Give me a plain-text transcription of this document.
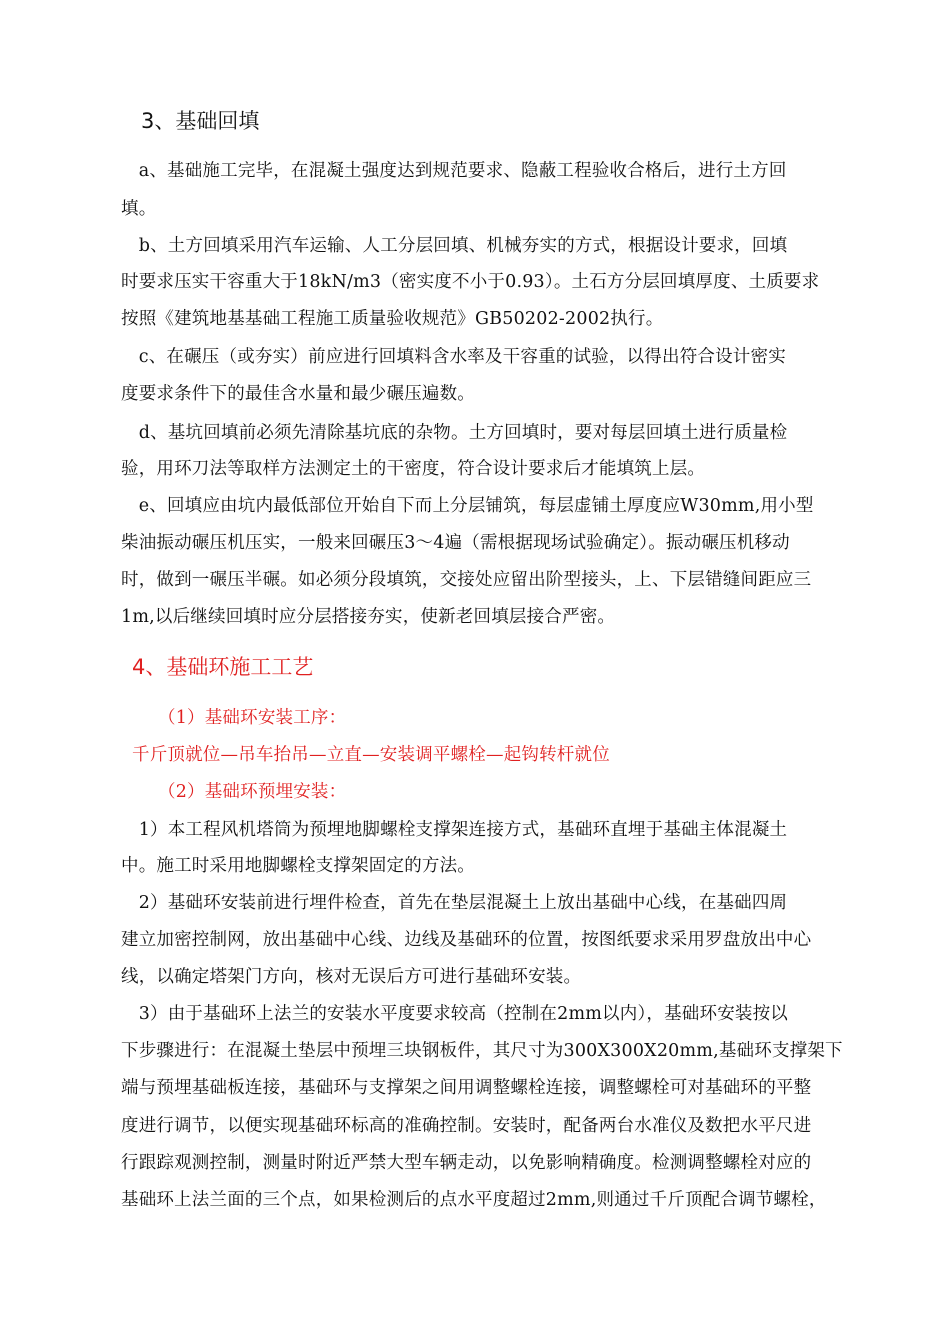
3、基础回填
　a、基础施工完毕，在混凝土强度达到规范要求、隐蔽工程验收合格后，进行土方回
填。
　b、土方回填采用汽车运输、人工分层回填、机械夯实的方式，根据设计要求，回填
时要求压实干容重大于18kN/m3（密实度不小于0.93）。土石方分层回填厚度、土质要求
按照《建筑地基基础工程施工质量验收规范》GB50202-2002执行。
　c、在碾压（或夯实）前应进行回填料含水率及干容重的试验，以得出符合设计密实
度要求条件下的最佳含水量和最少碾压遍数。
　d、基坑回填前必须先清除基坑底的杂物。土方回填时，要对每层回填土进行质量检
验，用环刀法等取样方法测定土的干密度，符合设计要求后才能填筑上层。
　e、回填应由坑内最低部位开始自下而上分层铺筑，每层虚铺土厚度应W30mm,用小型
柴油振动碾压机压实，一般来回碾压3〜4遍（需根据现场试验确定）。振动碾压机移动
时，做到一碾压半碾。如必须分段填筑，交接处应留出阶型接头，上、下层错缝间距应三
1m,以后继续回填时应分层搭接夯实，使新老回填层接合严密。
4、基础环施工工艺
（1）基础环安装工序：
千斤顶就位—吊车抬吊—立直—安装调平螺栓—起钩转杆就位
（2）基础环预埋安装：
　1）本工程风机塔筒为预埋地脚螺栓支撑架连接方式，基础环直埋于基础主体混凝土
中。施工时采用地脚螺栓支撑架固定的方法。
　2）基础环安装前进行埋件检查，首先在垫层混凝土上放出基础中心线，在基础四周
建立加密控制网，放出基础中心线、边线及基础环的位置，按图纸要求采用罗盘放出中心
线，以确定塔架门方向，核对无误后方可进行基础环安装。
　3）由于基础环上法兰的安装水平度要求较高（控制在2mm以内），基础环安装按以
下步骤进行：在混凝土垫层中预埋三块钢板件，其尺寸为300X300X20mm,基础环支撑架下
端与预埋基础板连接，基础环与支撑架之间用调整螺栓连接，调整螺栓可对基础环的平整
度进行调节，以便实现基础环标高的准确控制。安装时，配备两台水准仪及数把水平尺进
行跟踪观测控制，测量时附近严禁大型车辆走动，以免影响精确度。检测调整螺栓对应的
基础环上法兰面的三个点，如果检测后的点水平度超过2mm,则通过千斤顶配合调节螺栓，
